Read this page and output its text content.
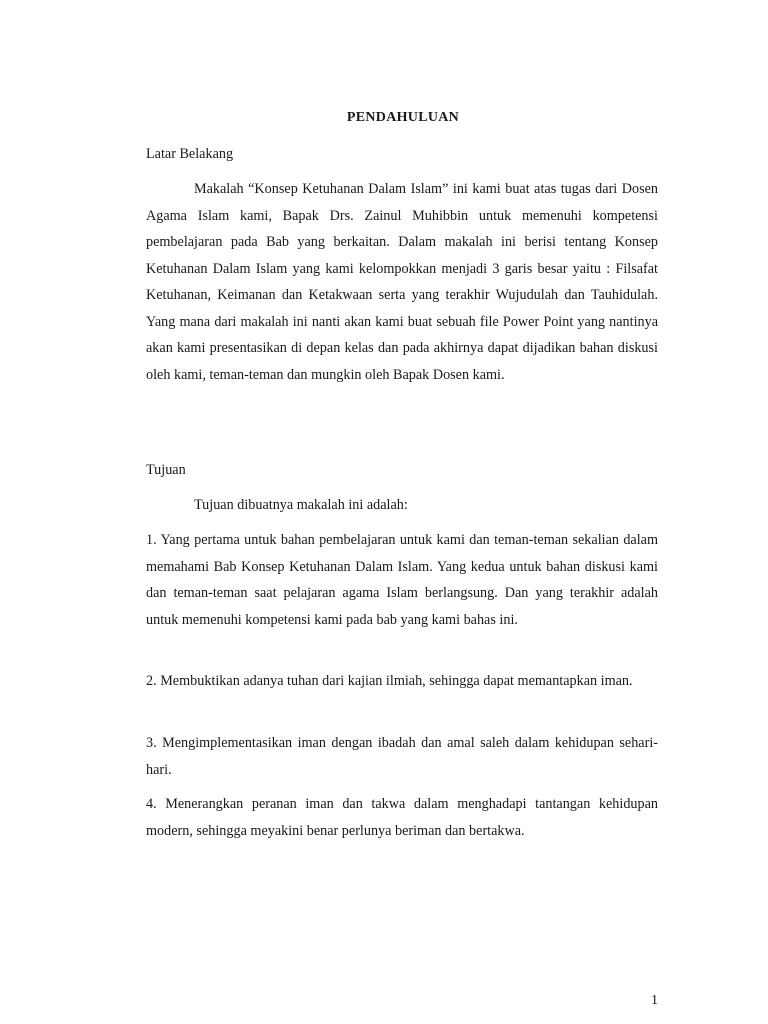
PENDAHULUAN
Latar Belakang

Makalah “Konsep Ketuhanan Dalam Islam” ini kami buat atas tugas dari Dosen Agama Islam kami, Bapak Drs. Zainul Muhibbin untuk memenuhi kompetensi pembelajaran pada Bab yang berkaitan. Dalam makalah ini berisi tentang Konsep Ketuhanan Dalam Islam yang kami kelompokkan menjadi 3 garis besar yaitu : Filsafat Ketuhanan, Keimanan dan Ketakwaan serta yang terakhir Wujudulah dan Tauhidulah. Yang mana dari makalah ini nanti akan kami buat sebuah file Power Point yang nantinya akan kami presentasikan di depan kelas dan pada akhirnya dapat dijadikan bahan diskusi oleh kami, teman-teman dan mungkin oleh Bapak Dosen kami.

Tujuan

Tujuan dibuatnya makalah ini adalah:

1. Yang pertama untuk bahan pembelajaran untuk kami dan teman-teman sekalian dalam memahami Bab Konsep Ketuhanan Dalam Islam. Yang kedua untuk bahan diskusi kami dan teman-teman saat pelajaran agama Islam berlangsung. Dan yang terakhir adalah untuk memenuhi kompetensi kami pada bab yang kami bahas ini.

2. Membuktikan adanya tuhan dari kajian ilmiah, sehingga dapat memantapkan iman.

3. Mengimplementasikan iman dengan ibadah dan amal saleh dalam kehidupan sehari-hari.

4. Menerangkan peranan iman dan takwa dalam menghadapi tantangan kehidupan modern, sehingga meyakini benar perlunya beriman dan bertakwa.

1
